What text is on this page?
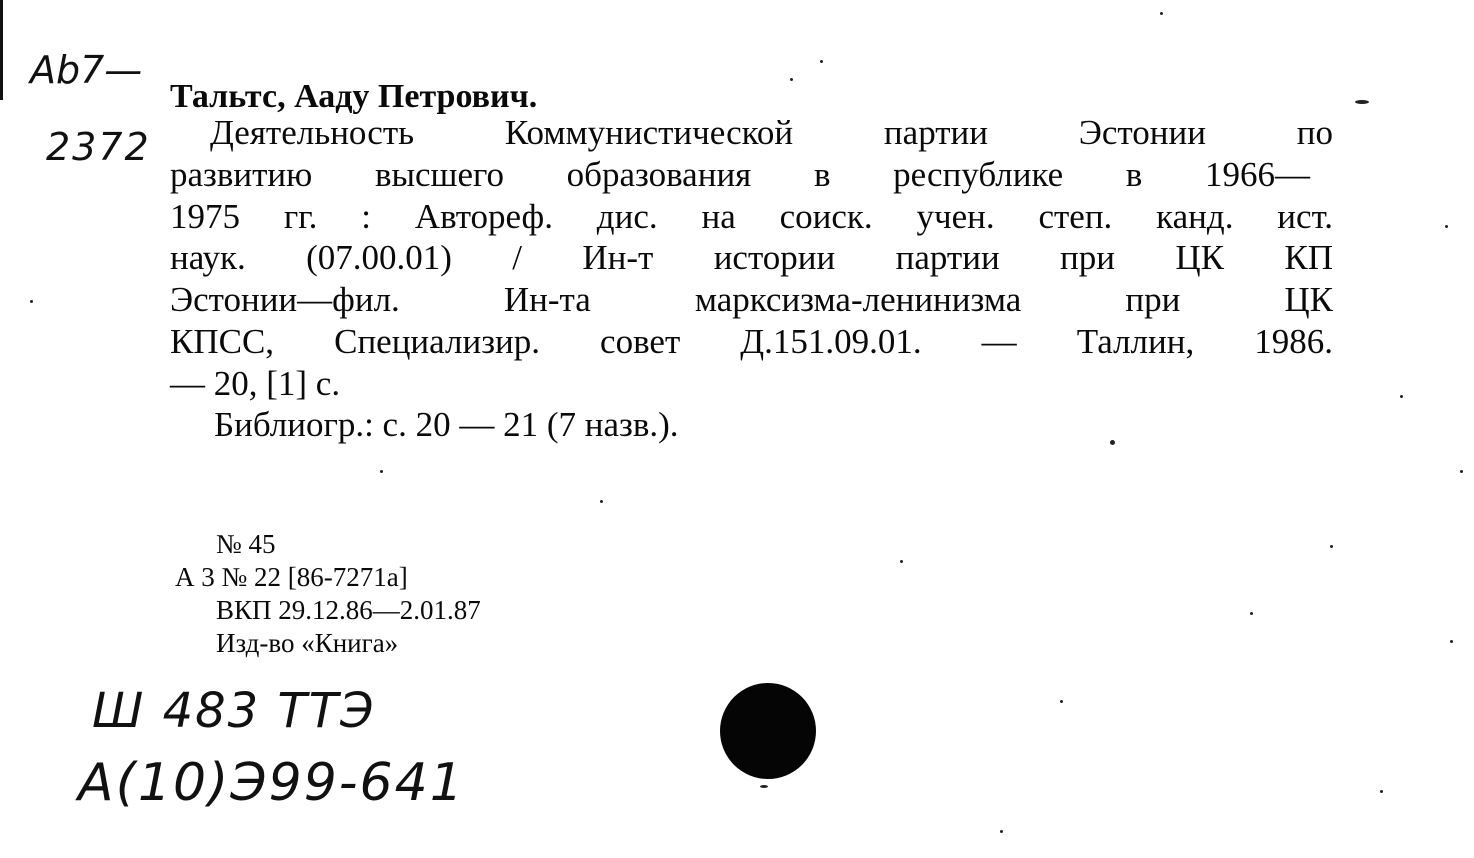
Ab7—
2372
Тальтс, Ааду Петрович.
Деятельность Коммунистической партии Эстонии по
развитию высшего образования в республике в 1966—
1975 гг. : Автореф. дис. на соиск. учен. степ. канд. ист.
наук. (07.00.01) / Ин-т истории партии при ЦК КП
Эстонии—фил. Ин-та марксизма-ленинизма при ЦК
КПСС, Специализир. совет Д.151.09.01. — Таллин, 1986.
— 20, [1] с.
Библиогр.: с. 20 — 21 (7 назв.).
№ 45
А 3 № 22 [86-7271а]
ВКП 29.12.86—2.01.87
Изд-во «Книга»
Ш 483 ТТЭ
А(10)Э99-641
